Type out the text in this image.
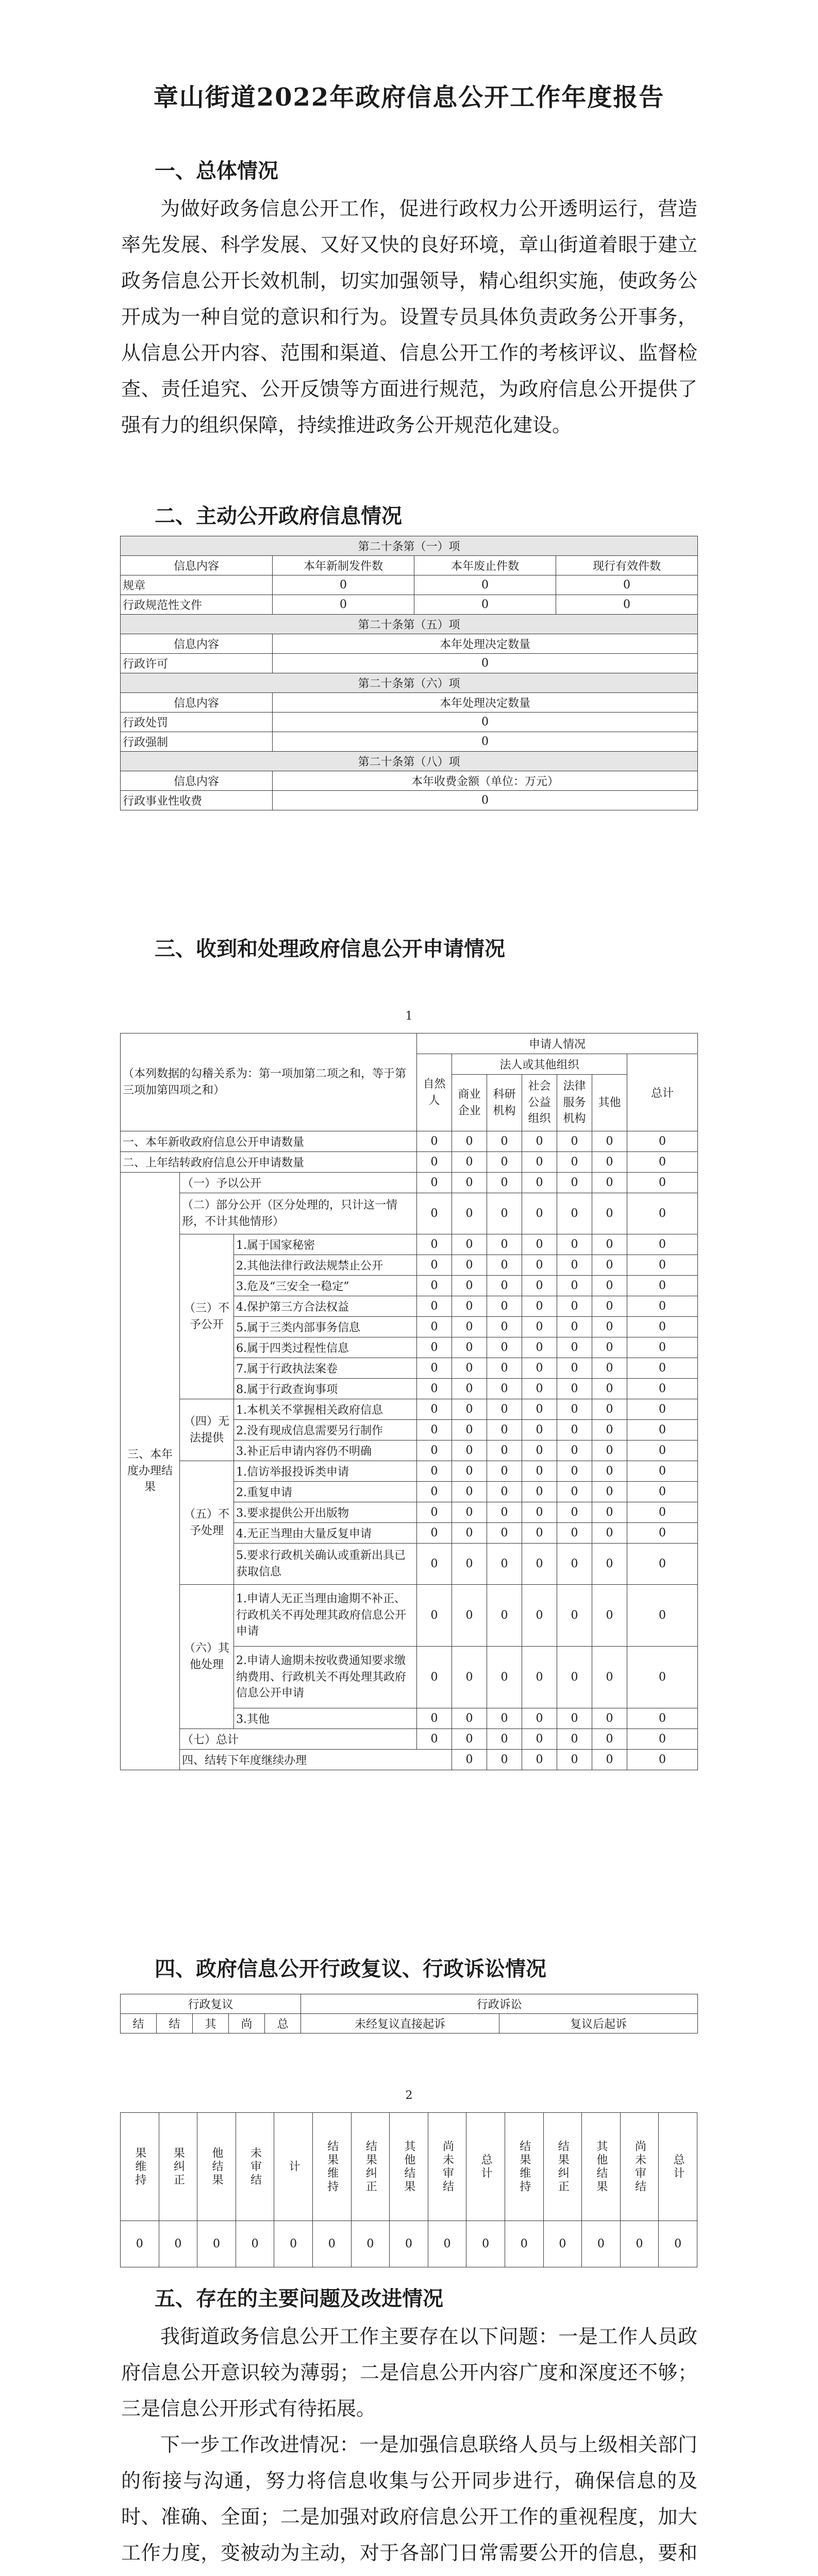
章山街道2022年政府信息公开工作年度报告
一、总体情况

为做好政务信息公开工作，促进行政权力公开透明运行，营造率先发展、科学发展、又好又快的良好环境，章山街道着眼于建立政务信息公开长效机制，切实加强领导，精心组织实施，使政务公开成为一种自觉的意识和行为。设置专员具体负责政务公开事务，从信息公开内容、范围和渠道、信息公开工作的考核评议、监督检查、责任追究、公开反馈等方面进行规范，为政府信息公开提供了强有力的组织保障，持续推进政务公开规范化建设。

二、主动公开政府信息情况
第二十条第（一）项			
信息内容	本年新制发件数	本年废止件数	现行有效件数
规章	0	0	0
行政规范性文件	0	0	0
第二十条第（五）项			
信息内容	本年处理决定数量		
行政许可	0		
第二十条第（六）项			
信息内容	本年处理决定数量		
行政处罚	0		
行政强制	0		
第二十条第（八）项			
信息内容	本年收费金额（单位：万元）		
行政事业性收费	0		
三、收到和处理政府信息公开申请情况
1
（本列数据的勾稽关系为：第一项加第二项之和，等于第三项加第四项之和）			申请人情况							
			自然人	法人或其他组织					总计	
				商业企业	科研机构	社会公益组织	法律服务机构	其他		
一、本年新收政府信息公开申请数量			0	0	0	0	0	0	0	
二、上年结转政府信息公开申请数量			0	0	0	0	0	0	0	
三、本年度办理结果	（一）予以公开		0	0	0	0	0	0	0	
	（二）部分公开（区分处理的，只计这一情形，不计其他情形）		0	0	0	0	0	0	0	
	（三）不予公开	1.属于国家秘密	0	0	0	0	0	0	0	
		2.其他法律行政法规禁止公开	0	0	0	0	0	0	0	
		3.危及“三安全一稳定”	0	0	0	0	0	0	0	
		4.保护第三方合法权益	0	0	0	0	0	0	0	
		5.属于三类内部事务信息	0	0	0	0	0	0	0	
		6.属于四类过程性信息	0	0	0	0	0	0	0	
		7.属于行政执法案卷	0	0	0	0	0	0	0	
		8.属于行政查询事项	0	0	0	0	0	0	0	
	（四）无法提供	1.本机关不掌握相关政府信息	0	0	0	0	0	0	0	
		2.没有现成信息需要另行制作	0	0	0	0	0	0	0	
		3.补正后申请内容仍不明确	0	0	0	0	0	0	0	
	（五）不予处理	1.信访举报投诉类申请	0	0	0	0	0	0	0	
		2.重复申请	0	0	0	0	0	0	0	
		3.要求提供公开出版物	0	0	0	0	0	0	0	
		4.无正当理由大量反复申请	0	0	0	0	0	0	0	
		5.要求行政机关确认或重新出具已获取信息	0	0	0	0	0	0	0	
	（六）其他处理	1.申请人无正当理由逾期不补正、行政机关不再处理其政府信息公开申请	0	0	0	0	0	0	0	
		2.申请人逾期未按收费通知要求缴纳费用、行政机关不再处理其政府信息公开申请	0	0	0	0	0	0	0	
		3.其他	0	0	0	0	0	0	0	
	（七）总计		0	0	0	0	0	0	0	
	四、结转下年度继续办理			0	0	0	0	0	0	
四、政府信息公开行政复议、行政诉讼情况
行政复议					行政诉讼	
结	结	其	尚	总	未经复议直接起诉	复议后起诉
2
果维持	果纠正	他结果	未审结	计	结果维持	结果纠正	其他结果	尚未审结	总计	结果维持	结果纠正	其他结果	尚未审结	总计
0	0	0	0	0	0	0	0	0	0	0	0	0	0	0
五、存在的主要问题及改进情况

我街道政务信息公开工作主要存在以下问题：一是工作人员政府信息公开意识较为薄弱；二是信息公开内容广度和深度还不够；三是信息公开形式有待拓展。

下一步工作改进情况：一是加强信息联络人员与上级相关部门的衔接与沟通，努力将信息收集与公开同步进行，确保信息的及时、准确、全面；二是加强对政府信息公开工作的重视程度，加大工作力度，变被动为主动，对于各部门日常需要公开的信息，要和
